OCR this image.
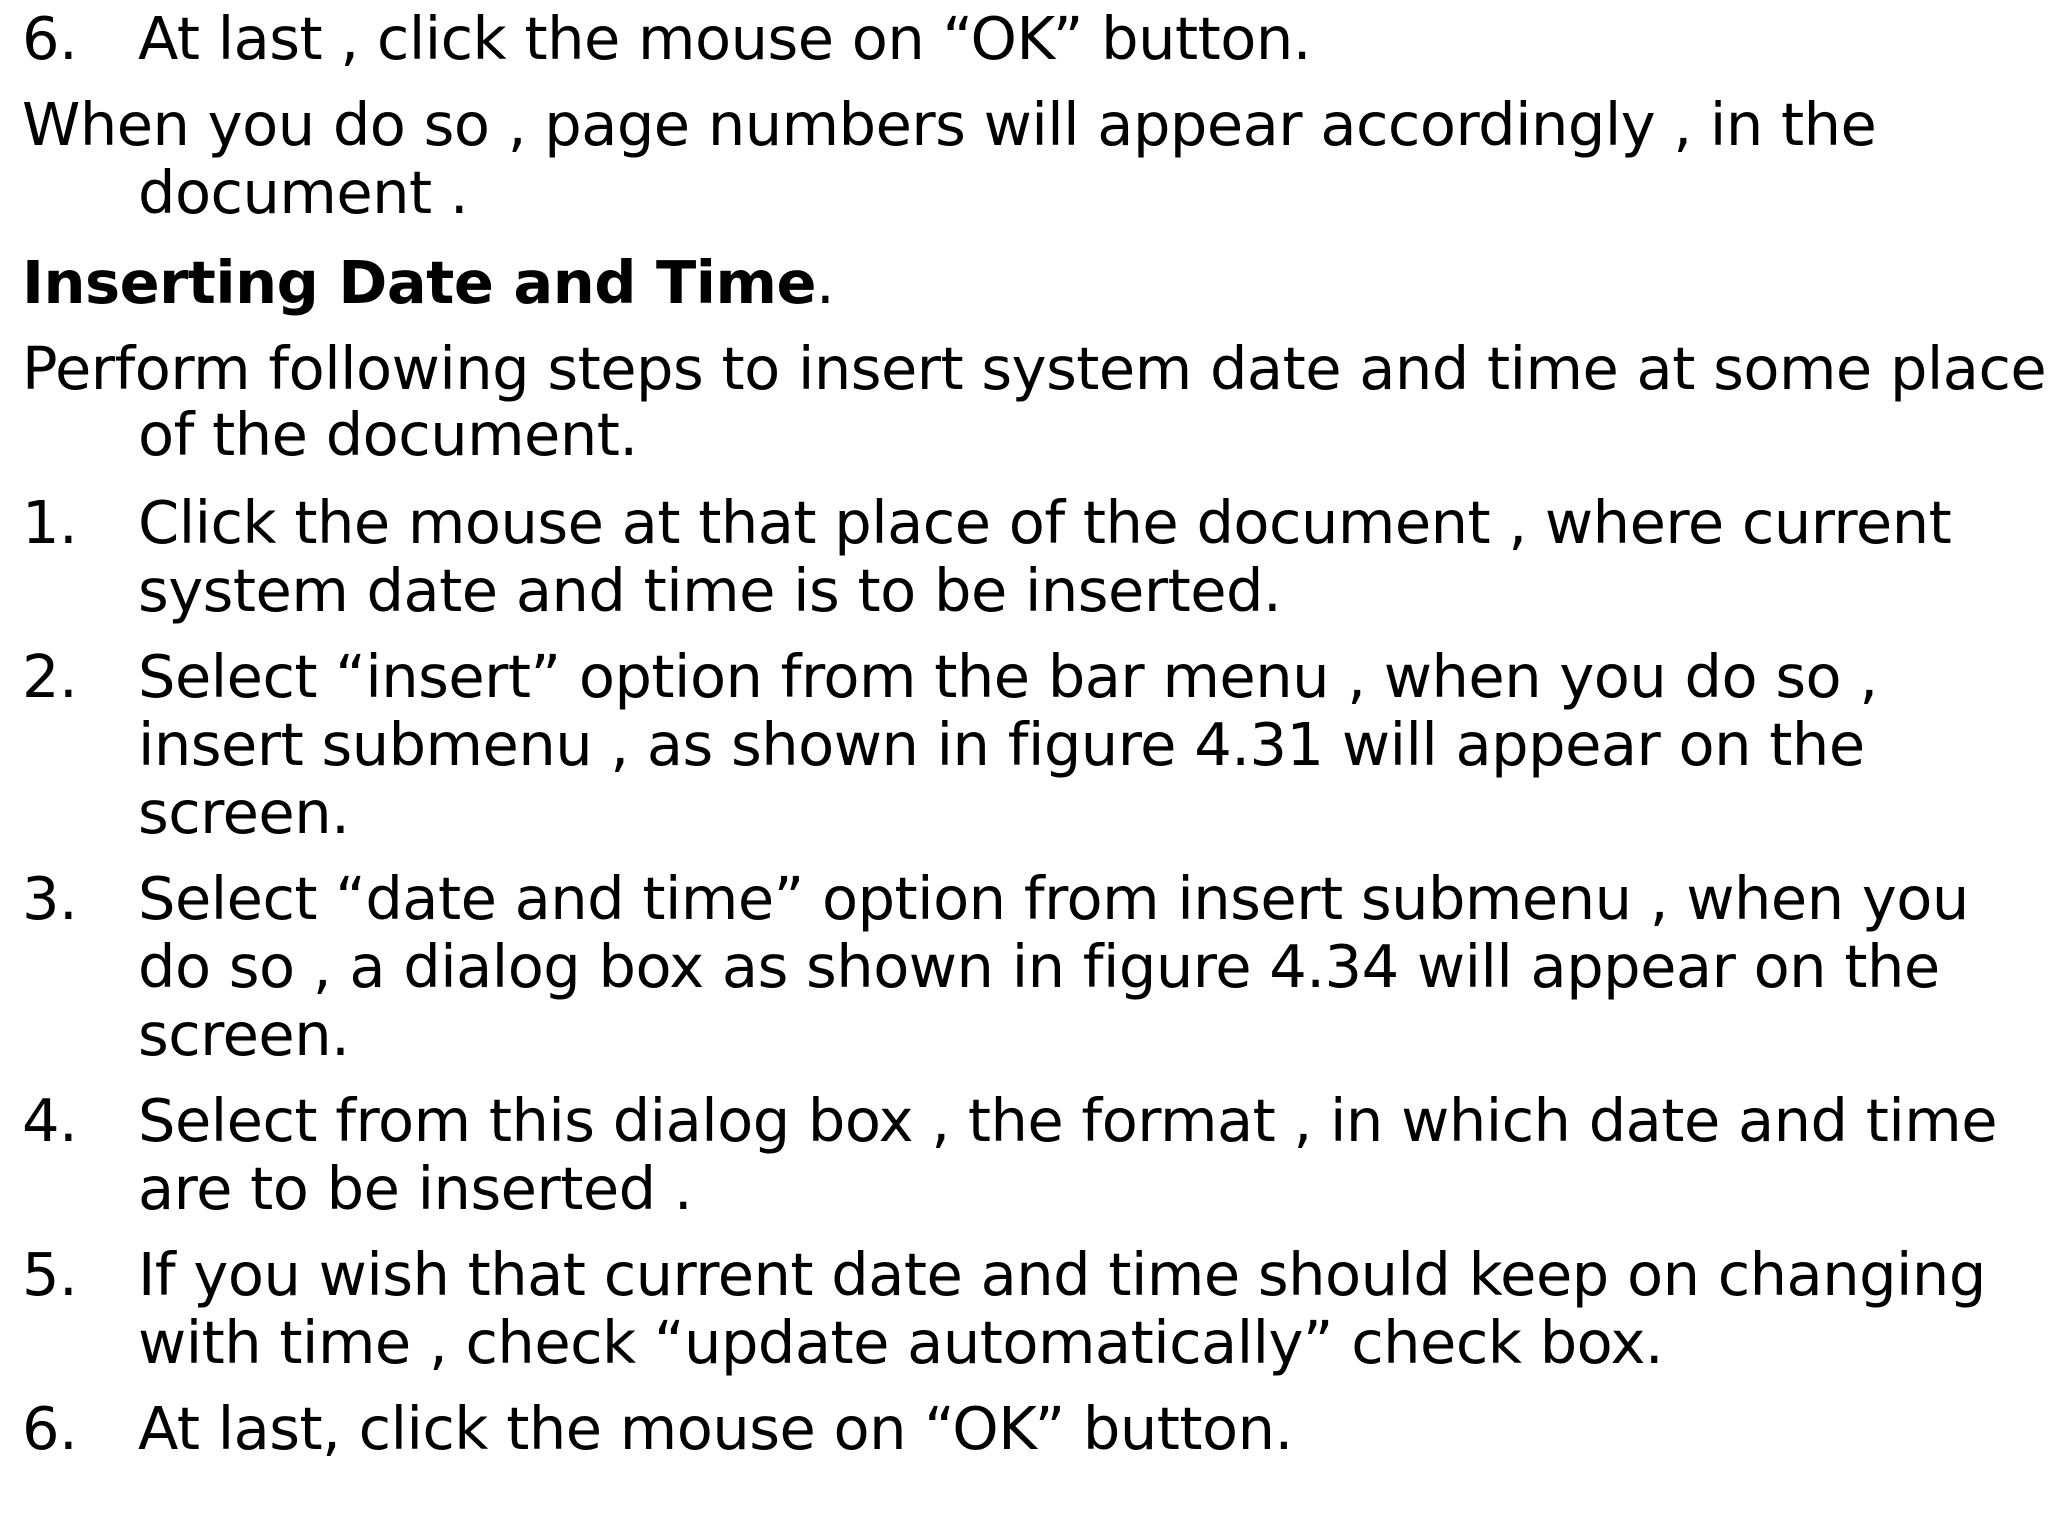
6. At last , click the mouse on “OK” button.
When you do so , page numbers will appear accordingly , in the
document .
Inserting Date and Time.
Perform following steps to insert system date and time at some place
of the document.
1. Click the mouse at that place of the document , where current
system date and time is to be inserted.
2. Select “insert” option from the bar menu , when you do so ,
insert submenu , as shown in figure 4.31 will appear on the
screen.
3. Select “date and time” option from insert submenu , when you
do so , a dialog box as shown in figure 4.34 will appear on the
screen.
4. Select from this dialog box , the format , in which date and time
are to be inserted .
5. If you wish that current date and time should keep on changing
with time , check “update automatically” check box.
6. At last, click the mouse on “OK” button.
